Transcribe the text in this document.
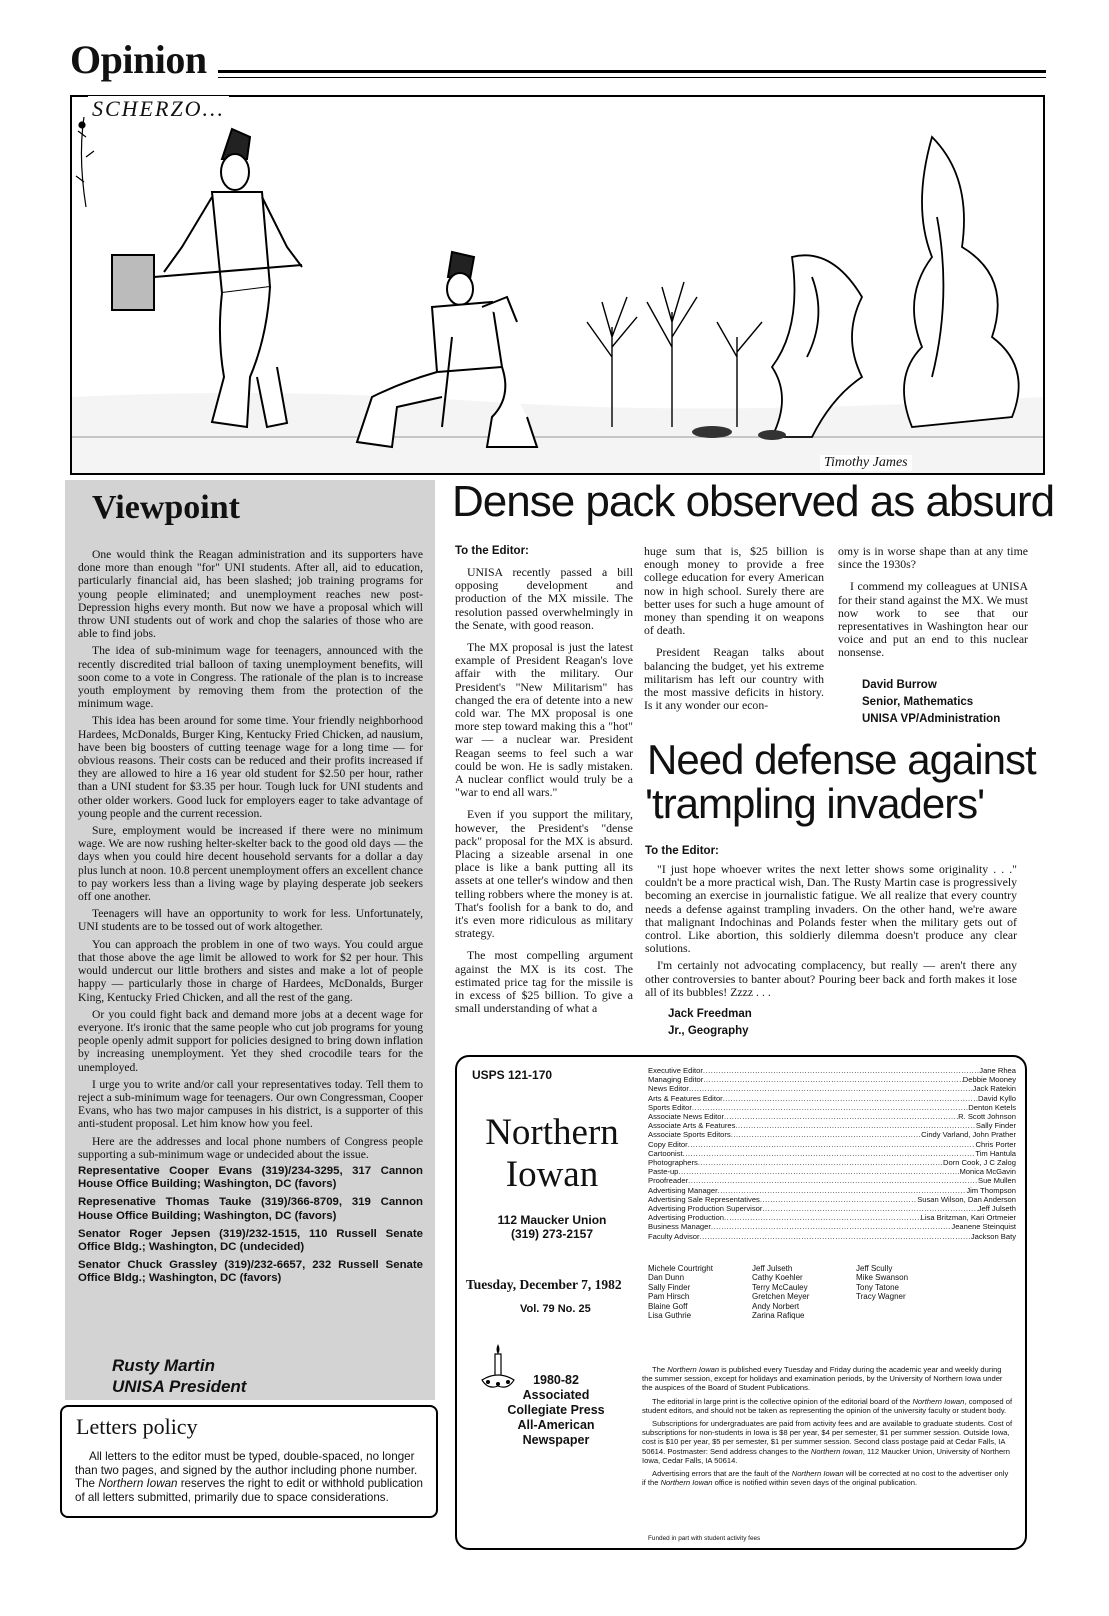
Opinion
SCHERZO...
Timothy James
Viewpoint

One would think the Reagan administration and its supporters have done more than enough "for" UNI students. After all, aid to education, particularly financial aid, has been slashed; job training programs for young people eliminated; and unemployment reaches new post-Depression highs every month. But now we have a proposal which will throw UNI students out of work and chop the salaries of those who are able to find jobs.

The idea of sub-minimum wage for teenagers, announced with the recently discredited trial balloon of taxing unemployment benefits, will soon come to a vote in Congress. The rationale of the plan is to increase youth employment by removing them from the protection of the minimum wage.

This idea has been around for some time. Your friendly neighborhood Hardees, McDonalds, Burger King, Kentucky Fried Chicken, ad nausium, have been big boosters of cutting teenage wage for a long time — for obvious reasons. Their costs can be reduced and their profits increased if they are allowed to hire a 16 year old student for $2.50 per hour, rather than a UNI student for $3.35 per hour. Tough luck for UNI students and other older workers. Good luck for employers eager to take advantage of young people and the current recession.

Sure, employment would be increased if there were no minimum wage. We are now rushing helter-skelter back to the good old days — the days when you could hire decent household servants for a dollar a day plus lunch at noon. 10.8 percent unemployment offers an excellent chance to pay workers less than a living wage by playing desperate job seekers off one another.

Teenagers will have an opportunity to work for less. Unfortunately, UNI students are to be tossed out of work altogether.

You can approach the problem in one of two ways. You could argue that those above the age limit be allowed to work for $2 per hour. This would undercut our little brothers and sistes and make a lot of people happy — particularly those in charge of Hardees, McDonalds, Burger King, Kentucky Fried Chicken, and all the rest of the gang.

Or you could fight back and demand more jobs at a decent wage for everyone. It's ironic that the same people who cut job programs for young people openly admit support for policies designed to bring down inflation by increasing unemployment. Yet they shed crocodile tears for the unemployed.

I urge you to write and/or call your representatives today. Tell them to reject a sub-minimum wage for teenagers. Our own Congressman, Cooper Evans, who has two major campuses in his district, is a supporter of this anti-student proposal. Let him know how you feel.

Here are the addresses and local phone numbers of Congress people supporting a sub-minimum wage or undecided about the issue.

Representative Cooper Evans (319)/234-3295, 317 Cannon House Office Building; Washington, DC (favors)

Represenative Thomas Tauke (319)/366-8709, 319 Cannon House Office Building; Washington, DC (favors)

Senator Roger Jepsen (319)/232-1515, 110 Russell Senate Office Bldg.; Washington, DC (undecided)

Senator Chuck Grassley (319)/232-6657, 232 Russell Senate Office Bldg.; Washington, DC (favors)

Rusty Martin
UNISA President
Letters policy
All letters to the editor must be typed, double-spaced, no longer than two pages, and signed by the author including phone number. The Northern Iowan reserves the right to edit or withhold publication of all letters submitted, primarily due to space considerations.
Dense pack observed as absurd
To the Editor:

UNISA recently passed a bill opposing development and production of the MX missile. The resolution passed overwhelmingly in the Senate, with good reason.

The MX proposal is just the latest example of President Reagan's love affair with the military. Our President's "New Militarism" has changed the era of detente into a new cold war. The MX proposal is one more step toward making this a "hot" war — a nuclear war. President Reagan seems to feel such a war could be won. He is sadly mistaken. A nuclear conflict would truly be a "war to end all wars."

Even if you support the military, however, the President's "dense pack" proposal for the MX is absurd. Placing a sizeable arsenal in one place is like a bank putting all its assets at one teller's window and then telling robbers where the money is at. That's foolish for a bank to do, and it's even more ridiculous as military strategy.

The most compelling argument against the MX is its cost. The estimated price tag for the missile is in excess of $25 billion. To give a small understanding of what a

huge sum that is, $25 billion is enough money to provide a free college education for every American now in high school. Surely there are better uses for such a huge amount of money than spending it on weapons of death.

President Reagan talks about balancing the budget, yet his extreme militarism has left our country with the most massive deficits in history. Is it any wonder our econ-

omy is in worse shape than at any time since the 1930s?

I commend my colleagues at UNISA for their stand against the MX. We must now work to see that our representatives in Washington hear our voice and put an end to this nuclear nonsense.

David Burrow
Senior, Mathematics
UNISA VP/Administration
Need defense against
'trampling invaders'
To the Editor:

"I just hope whoever writes the next letter shows some originality . . ." couldn't be a more practical wish, Dan. The Rusty Martin case is progressively becoming an exercise in journalistic fatigue. We all realize that every country needs a defense against trampling invaders. On the other hand, we're aware that malignant Indochinas and Polands fester when the military gets out of control. Like abortion, this soldierly dilemma doesn't produce any clear solutions.

I'm certainly not advocating complacency, but really — aren't there any other controversies to banter about? Pouring beer back and forth makes it lose all of its bubbles! Zzzz . . .

Jack Freedman
Jr., Geography
USPS 121-170
Northern
Iowan
112 Maucker Union
(319) 273-2157
Tuesday, December 7, 1982
Vol. 79 No. 25
1980-82
Associated
Collegiate Press
All-American
Newspaper
Executive Editor .....	Jane Rhea
Managing Editor .....	Debbie Mooney
News Editor .....	Jack Ratekin
Arts & Features Editor .....	David Kyllo
Sports Editor .....	Denton Ketels
Associate News Editor .....	R. Scott Johnson
Associate Arts & Features .....	Sally Finder
Associate Sports Editors .....	Cindy Varland, John Prather
Copy Editor .....	Chris Porter
Cartoonist .....	Tim Hantula
Photographers .....	Dorn Cook, J C Zalog
Paste-up .....	Monica McGavin
Proofreader .....	Sue Mullen
Advertising Manager .....	Jim Thompson
Advertising Sale Representatives .....	Susan Wilson, Dan Anderson
Advertising Production Supervisor .....	Jeff Julseth
Advertising Production .....	Lisa Britzman, Kari Ortmeier
Business Manager .....	Jeanene Steinquist
Faculty Advisor .....	Jackson Baty
Michele Courtright
Dan Dunn
Sally Finder
Pam Hirsch
Blaine Goff
Lisa Guthrie
Jeff Julseth
Cathy Koehler
Terry McCauley
Gretchen Meyer
Andy Norbert
Zarina Rafique
Jeff Scully
Mike Swanson
Tony Tatone
Tracy Wagner

The Northern Iowan is published every Tuesday and Friday during the academic year and weekly during the summer session, except for holidays and examination periods, by the University of Northern Iowa under the auspices of the Board of Student Publications.

The editorial in large print is the collective opinion of the editorial board of the Northern Iowan, composed of student editors, and should not be taken as representing the opinion of the university faculty or student body.

Subscriptions for undergraduates are paid from activity fees and are available to graduate students. Cost of subscriptions for non-students in Iowa is $8 per year, $4 per semester, $1 per summer session. Outside Iowa, cost is $10 per year, $5 per semester, $1 per summer session. Second class postage paid at Cedar Falls, IA 50614. Postmaster: Send address changes to the Northern Iowan, 112 Maucker Union, University of Northern Iowa, Cedar Falls, IA 50614.

Advertising errors that are the fault of the Northern Iowan will be corrected at no cost to the advertiser only if the Northern Iowan office is notified within seven days of the original publication.

Funded in part with student activity fees
